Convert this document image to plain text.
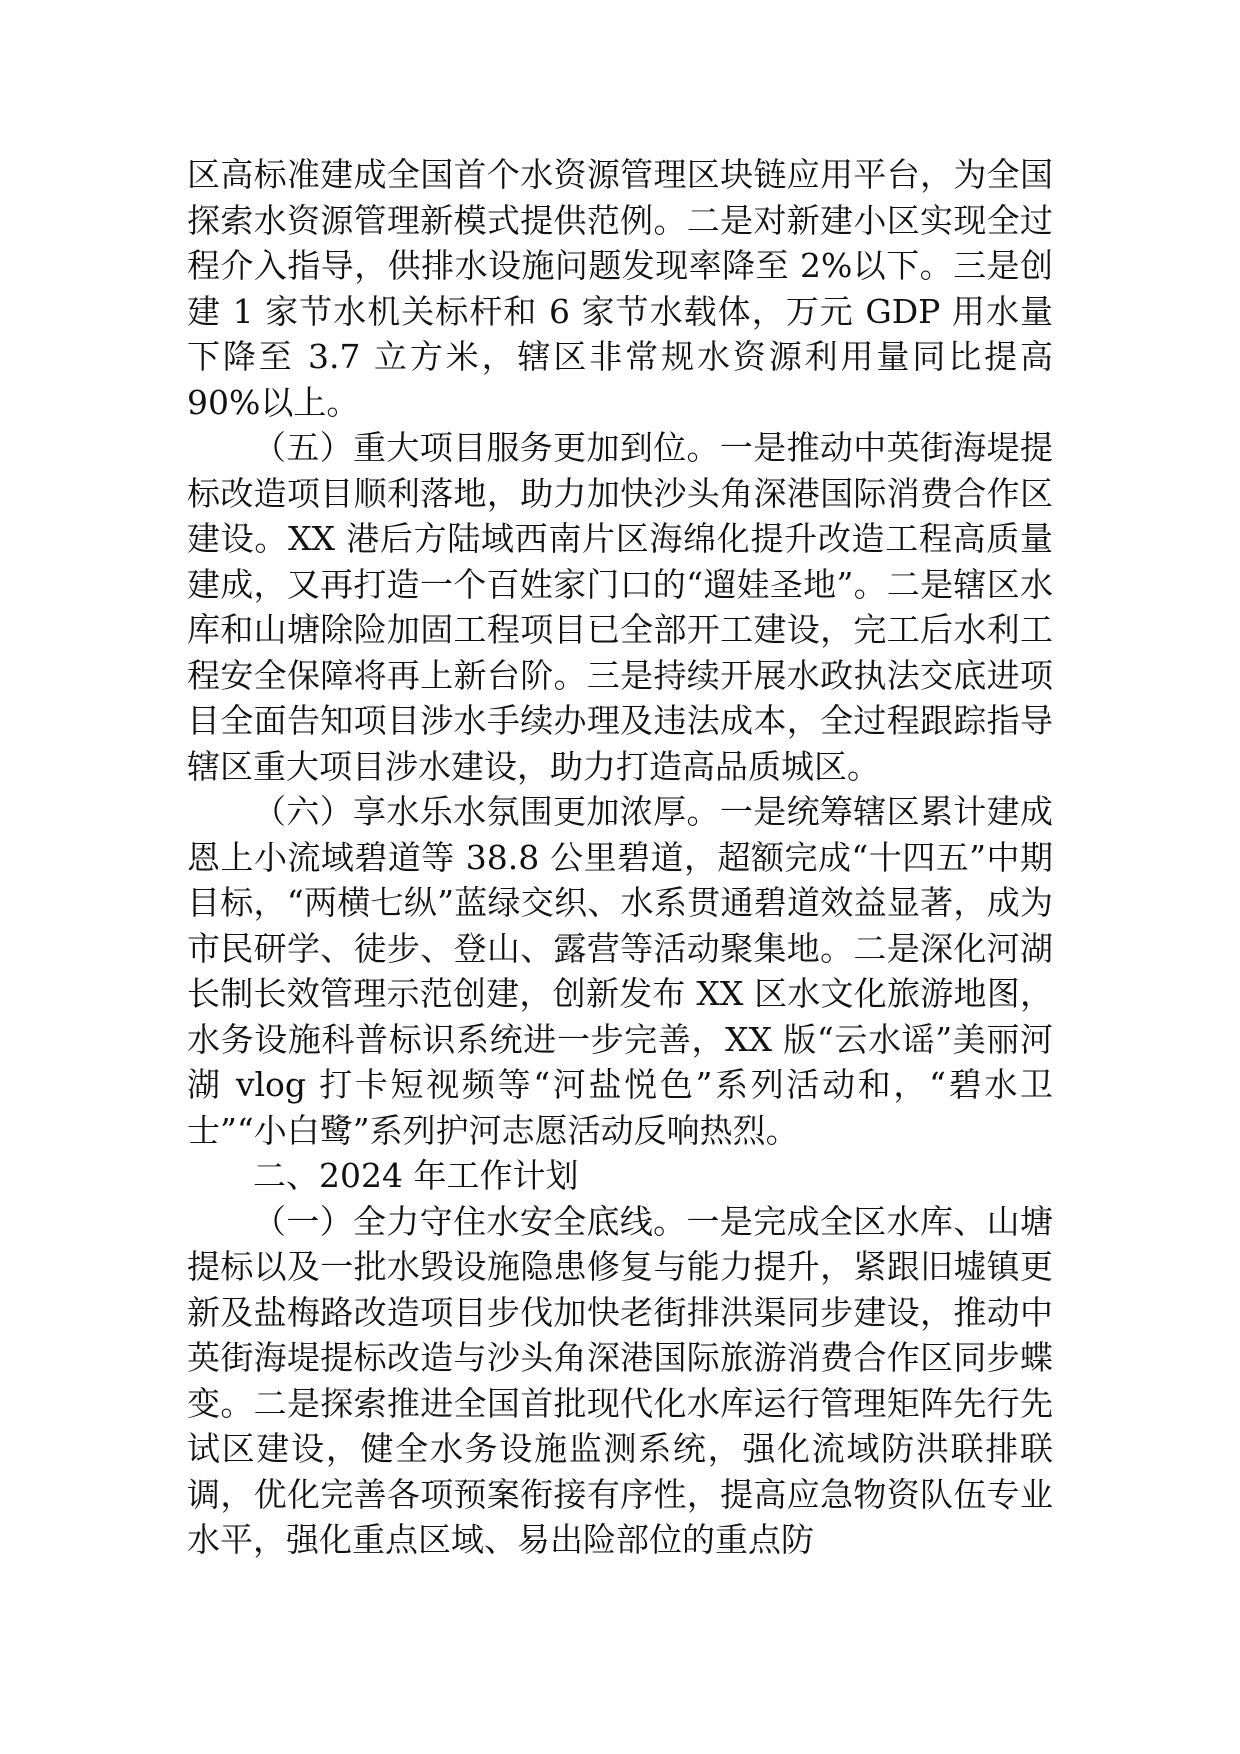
区高标准建成全国首个水资源管理区块链应用平台，为全国探索水资源管理新模式提供范例。二是对新建小区实现全过程介入指导，供排水设施问题发现率降至 2%以下。三是创建 1 家节水机关标杆和 6 家节水载体，万元 GDP 用水量下降至 3.7 立方米，辖区非常规水资源利用量同比提高 90%以上。

（五）重大项目服务更加到位。一是推动中英街海堤提标改造项目顺利落地，助力加快沙头角深港国际消费合作区建设。XX 港后方陆域西南片区海绵化提升改造工程高质量建成，又再打造一个百姓家门口的“遛娃圣地”。二是辖区水库和山塘除险加固工程项目已全部开工建设，完工后水利工程安全保障将再上新台阶。三是持续开展水政执法交底进项目全面告知项目涉水手续办理及违法成本，全过程跟踪指导辖区重大项目涉水建设，助力打造高品质城区。

（六）享水乐水氛围更加浓厚。一是统筹辖区累计建成恩上小流域碧道等 38.8 公里碧道，超额完成“十四五”中期目标，“两横七纵”蓝绿交织、水系贯通碧道效益显著，成为市民研学、徒步、登山、露营等活动聚集地。二是深化河湖长制长效管理示范创建，创新发布 XX 区水文化旅游地图，水务设施科普标识系统进一步完善，XX 版“云水谣”美丽河湖 vlog 打卡短视频等“河盐悦色”系列活动和，“碧水卫士”“小白鹭”系列护河志愿活动反响热烈。

二、2024 年工作计划

（一）全力守住水安全底线。一是完成全区水库、山塘提标以及一批水毁设施隐患修复与能力提升，紧跟旧墟镇更新及盐梅路改造项目步伐加快老街排洪渠同步建设，推动中英街海堤提标改造与沙头角深港国际旅游消费合作区同步蝶变。二是探索推进全国首批现代化水库运行管理矩阵先行先试区建设，健全水务设施监测系统，强化流域防洪联排联调，优化完善各项预案衔接有序性，提高应急物资队伍专业水平，强化重点区域、易出险部位的重点防
